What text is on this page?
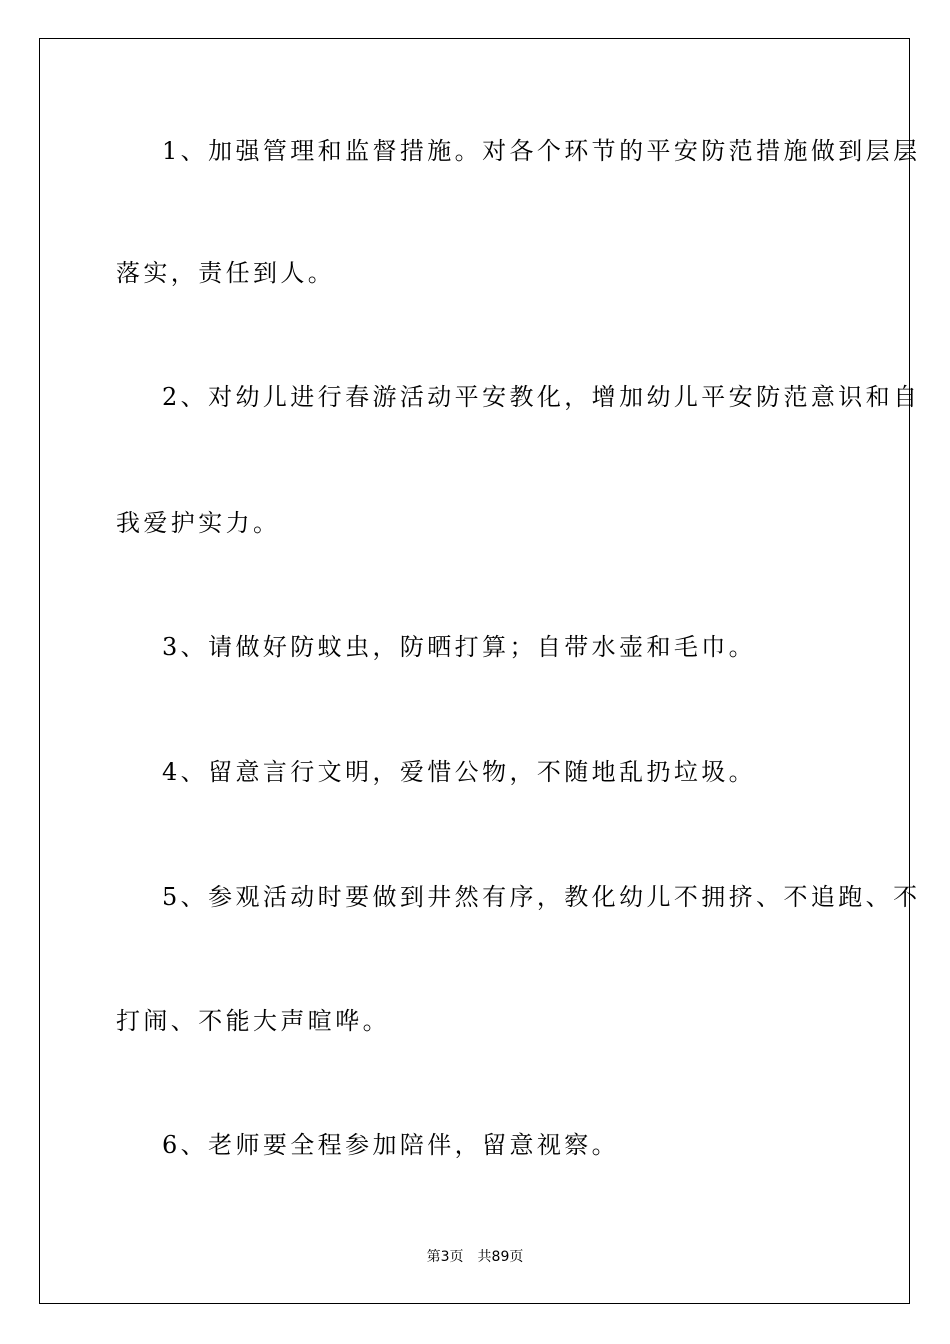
1、加强管理和监督措施。对各个环节的平安防范措施做到层层
落实，责任到人。
2、对幼儿进行春游活动平安教化，增加幼儿平安防范意识和自
我爱护实力。
3、请做好防蚊虫，防晒打算；自带水壶和毛巾。
4、留意言行文明，爱惜公物，不随地乱扔垃圾。
5、参观活动时要做到井然有序，教化幼儿不拥挤、不追跑、不
打闹、不能大声暄哗。
6、老师要全程参加陪伴，留意视察。
第3页 共89页
